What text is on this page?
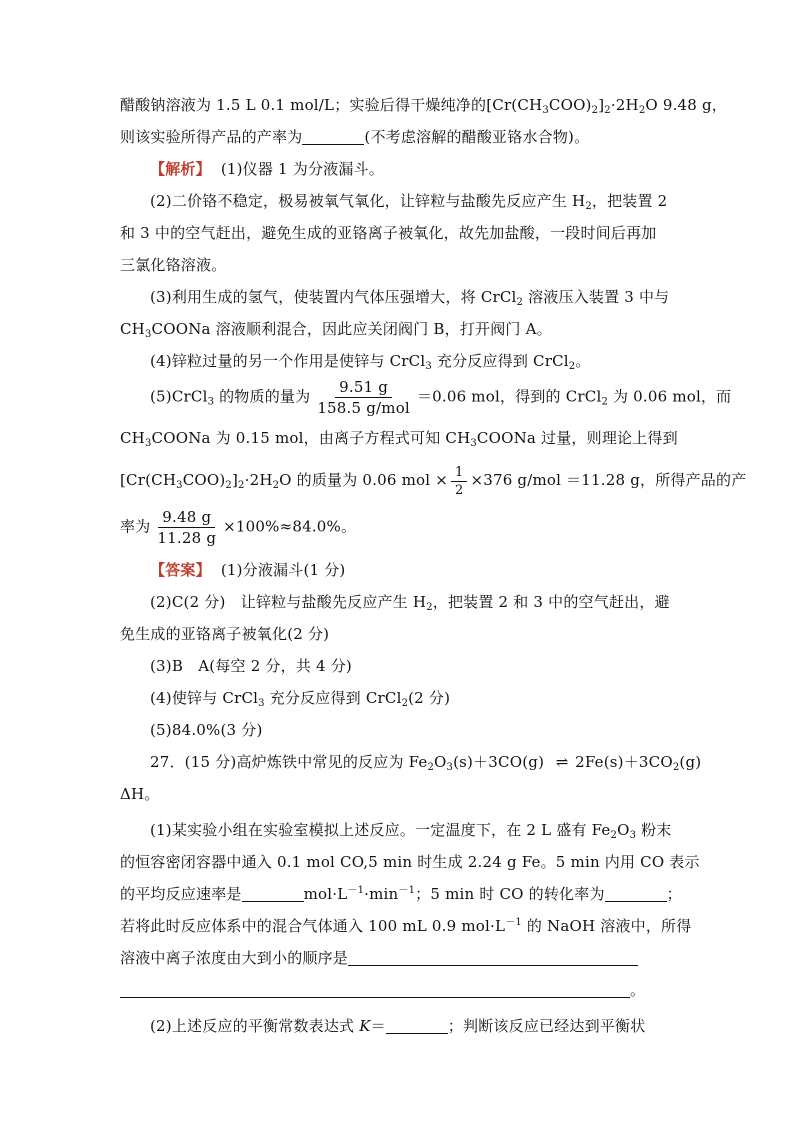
醋酸钠溶液为 1.5 L 0.1 mol/L；实验后得干燥纯净的$[Cr(CH_3COO)_2]_2\cdot 2H_2O$ 9.48 g，
则该实验所得产品的产率为	(不考虑溶解的醋酸亚铬水合物)。
【解析】 (1)仪器 1 为分液漏斗。
(2)二价铬不稳定，极易被氧气氧化，让锌粒与盐酸先反应产生 $H_2$，把装置 2
和 3 中的空气赶出，避免生成的亚铬离子被氧化，故先加盐酸，一段时间后再加
三氯化铬溶液。
(3)利用生成的氢气，使装置内气体压强增大，将 CrCl$_2$ 溶液压入装置 3 中与
$CH_3COONa$ 溶液顺利混合，因此应关闭阀门 B，打开阀门 A。
(4)锌粒过量的另一个作用是使锌与 CrCl$_3$ 充分反应得到 CrCl$_2$。
(5)CrCl$_3$ 的物质的量为 $\frac{9.51 g}{\text{158.5 g/mol}} =0.06$ mol，得到的 CrCl$_2$ 为 0.06 mol，而
$CH_3COONa$ 为 0.15 mol，由离子方程式可知 $CH_3COONa$ 过量，则理论上得到
$[Cr(CH_3COO)_2]_2\cdot 2H_2O$ 的质量为 0.06 mol × $\frac{1}{2} \times 376$ g/mol ＝11.28 g，所得产品的产
率为 $\frac{9.48 g}{11.28 g} \times 100\%\approx 84.0\%$。
【答案】 (1)分液漏斗(1 分)
(2)C(2 分)　让锌粒与盐酸先反应产生 $H_2$，把装置 2 和 3 中的空气赶出，避
免生成的亚铬离子被氧化(2 分)
(3)B　A(每空 2 分，共 4 分)
(4)使锌与 CrCl$_3$ 充分反应得到 CrCl$_2$(2 分)
(5)84.0%(3 分)
27．(15 分)高炉炼铁中常见的反应为 $Fe_2O_3(s)+3CO(g)$ ⇌ $2Fe(s)+3CO_2(g)$
ΔH。
(1)某实验小组在实验室模拟上述反应。一定温度下，在 2 L 盛有 $Fe_2O_3$ 粉末
的恒容密闭容器中通入 0.1 mol CO,5 min 时生成 2.24 g Fe。5 min 内用 CO 表示
的平均反应速率是	$mol\cdot L^{-1}\cdot\min^{-1}$；5 min 时 CO 的转化率为	；
若将此时反应体系中的混合气体通入 100 mL 0.9 $mol\cdot L^{-1}$ 的 NaOH 溶液中，所得
溶液中离子浓度由大到小的顺序是
。
(2)上述反应的平衡常数表达式 K＝	；判断该反应已经达到平衡状
